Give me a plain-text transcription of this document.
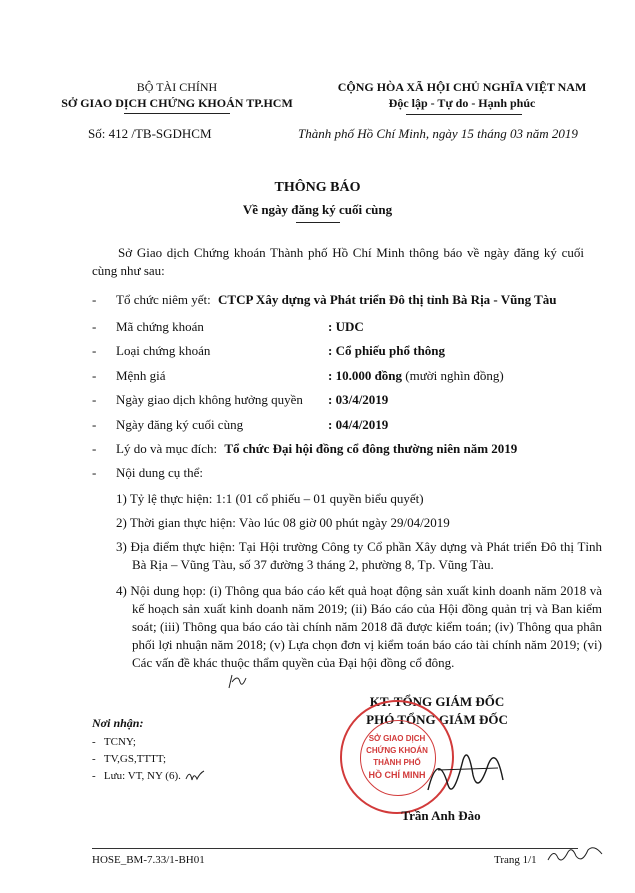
BỘ TÀI CHÍNH
SỞ GIAO DỊCH CHỨNG KHOÁN TP.HCM
Số: 412 /TB-SGDHCM
CỘNG HÒA XÃ HỘI CHỦ NGHĨA VIỆT NAM
Độc lập - Tự do - Hạnh phúc
Thành phố Hồ Chí Minh, ngày 15 tháng 03 năm 2019
THÔNG BÁO
Về ngày đăng ký cuối cùng
Sở Giao dịch Chứng khoán Thành phố Hồ Chí Minh thông báo về ngày đăng ký cuối cùng như sau:
- Tổ chức niêm yết: CTCP Xây dựng và Phát triển Đô thị tỉnh Bà Rịa - Vũng Tàu
- Mã chứng khoán	: UDC
- Loại chứng khoán	: Cổ phiếu phổ thông
- Mệnh giá	: 10.000 đồng (mười nghìn đồng)
- Ngày giao dịch không hưởng quyền : 03/4/2019
- Ngày đăng ký cuối cùng	: 04/4/2019
- Lý do và mục đích: Tổ chức Đại hội đồng cổ đông thường niên năm 2019
- Nội dung cụ thể:
1) Tỷ lệ thực hiện: 1:1 (01 cổ phiếu – 01 quyền biểu quyết)
2) Thời gian thực hiện: Vào lúc 08 giờ 00 phút ngày 29/04/2019
3) Địa điểm thực hiện: Tại Hội trường Công ty Cổ phần Xây dựng và Phát triển Đô thị Tỉnh Bà Rịa – Vũng Tàu, số 37 đường 3 tháng 2, phường 8, Tp. Vũng Tàu.
4) Nội dung họp: (i) Thông qua báo cáo kết quả hoạt động sản xuất kinh doanh năm 2018 và kế hoạch sản xuất kinh doanh năm 2019; (ii) Báo cáo của Hội đồng quản trị và Ban kiểm soát; (iii) Thông qua báo cáo tài chính năm 2018 đã được kiểm toán; (iv) Thông qua phân phối lợi nhuận năm 2018; (v) Lựa chọn đơn vị kiểm toán báo cáo tài chính năm 2019; (vi) Các vấn đề khác thuộc thẩm quyền của Đại hội đồng cổ đông.
Nơi nhận:
-   TCNY;
-   TV,GS,TTTT;
-   Lưu: VT, NY (6).
KT. TỔNG GIÁM ĐỐC
PHÓ TỔNG GIÁM ĐỐC
SỞ GIAO DỊCH
CHỨNG KHOÁN
THÀNH PHỐ
HỒ CHÍ MINH
Trần Anh Đào
HOSE_BM-7.33/1-BH01	Trang 1/1
